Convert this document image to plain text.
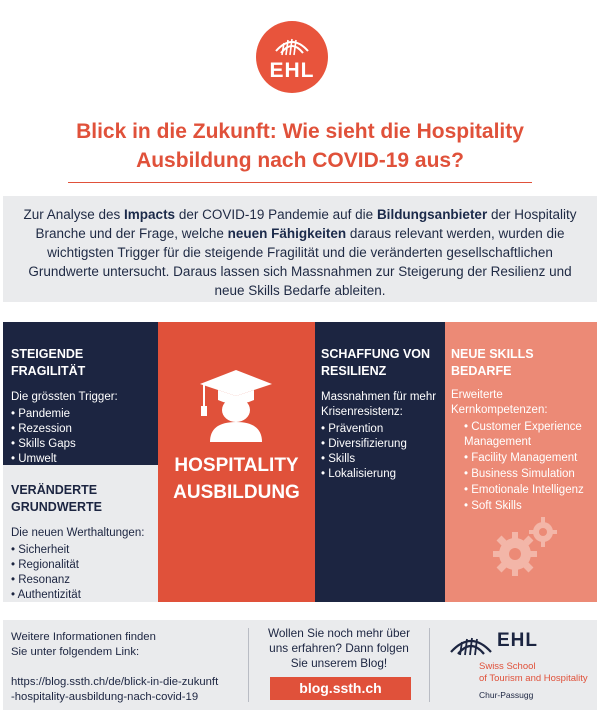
EHL
Blick in die Zukunft: Wie sieht die Hospitality
Ausbildung nach COVID-19 aus?
Zur Analyse des Impacts der COVID-19 Pandemie auf die Bildungsanbieter der Hospitality Branche und der Frage, welche neuen Fähigkeiten daraus relevant werden, wurden die wichtigsten Trigger für die steigende Fragilität und die veränderten gesellschaftlichen Grundwerte untersucht. Daraus lassen sich Massnahmen zur Steigerung der Resilienz und neue Skills Bedarfe ableiten.
STEIGENDE FRAGILITÄT
Die grössten Trigger:
• Pandemie
• Rezession
• Skills Gaps
• Umwelt
VERÄNDERTE
GRUNDWERTE
Die neuen Werthaltungen:
• Sicherheit
• Regionalität
• Resonanz
• Authentizität
HOSPITALITY
AUSBILDUNG
SCHAFFUNG VON RESILIENZ
Massnahmen für mehr Krisenresistenz:
• Prävention
• Diversifizierung
• Skills
• Lokalisierung
NEUE SKILLS BEDARFE
Erweiterte Kernkompetenzen:
• Customer Experience Management
• Facility Management
• Business Simulation
• Emotionale Intelligenz
• Soft Skills
Weitere Informationen finden
Sie unter folgendem Link:
https://blog.ssth.ch/de/blick-in-die-zukunft
-hospitality-ausbildung-nach-covid-19
Wollen Sie noch mehr über
uns erfahren? Dann folgen
Sie unserem Blog!
blog.ssth.ch
EHL
Swiss School
of Tourism and Hospitality
Chur-Passugg
